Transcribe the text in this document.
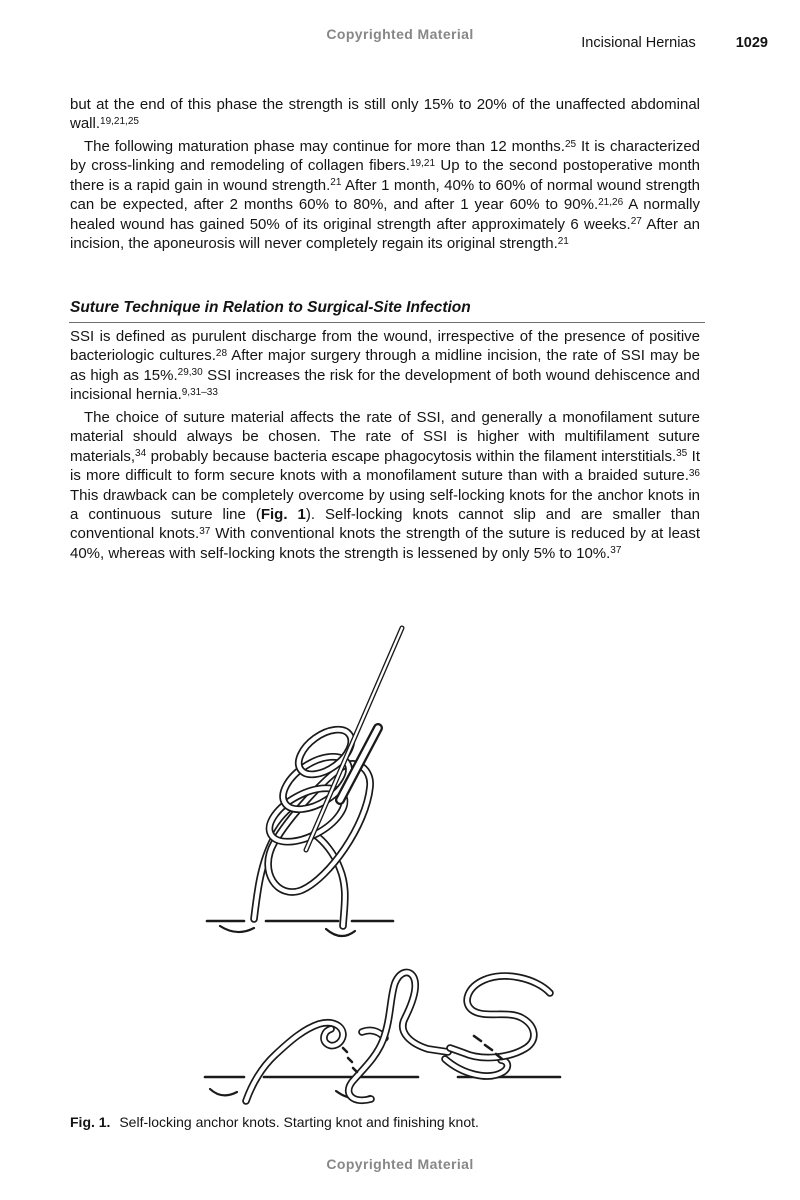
Copyrighted Material
Incisional Hernias	1029

but at the end of this phase the strength is still only 15% to 20% of the unaffected abdominal wall.$^{19,21,25}$

The following maturation phase may continue for more than 12 months.$^{25}$ It is characterized by cross-linking and remodeling of collagen fibers.$^{19,21}$ Up to the second postoperative month there is a rapid gain in wound strength.$^{21}$ After 1 month, 40% to 60% of normal wound strength can be expected, after 2 months 60% to 80%, and after 1 year 60% to 90%.$^{21,26}$ A normally healed wound has gained 50% of its original strength after approximately 6 weeks.$^{27}$ After an incision, the aponeurosis will never completely regain its original strength.$^{21}$

Suture Technique in Relation to Surgical-Site Infection

SSI is defined as purulent discharge from the wound, irrespective of the presence of positive bacteriologic cultures.$^{28}$ After major surgery through a midline incision, the rate of SSI may be as high as 15%.$^{29,30}$ SSI increases the risk for the development of both wound dehiscence and incisional hernia.$^{9,31-33}$

The choice of suture material affects the rate of SSI, and generally a monofilament suture material should always be chosen. The rate of SSI is higher with multifilament suture materials,$^{34}$ probably because bacteria escape phagocytosis within the filament interstitials.$^{35}$ It is more difficult to form secure knots with a monofilament suture than with a braided suture.$^{36}$ This drawback can be completely overcome by using self-locking knots for the anchor knots in a continuous suture line (Fig. 1). Self-locking knots cannot slip and are smaller than conventional knots.$^{37}$ With conventional knots the strength of the suture is reduced by at least 40%, whereas with self-locking knots the strength is lessened by only 5% to 10%.$^{37}$

Fig. 1. Self-locking anchor knots. Starting knot and finishing knot.
Copyrighted Material
